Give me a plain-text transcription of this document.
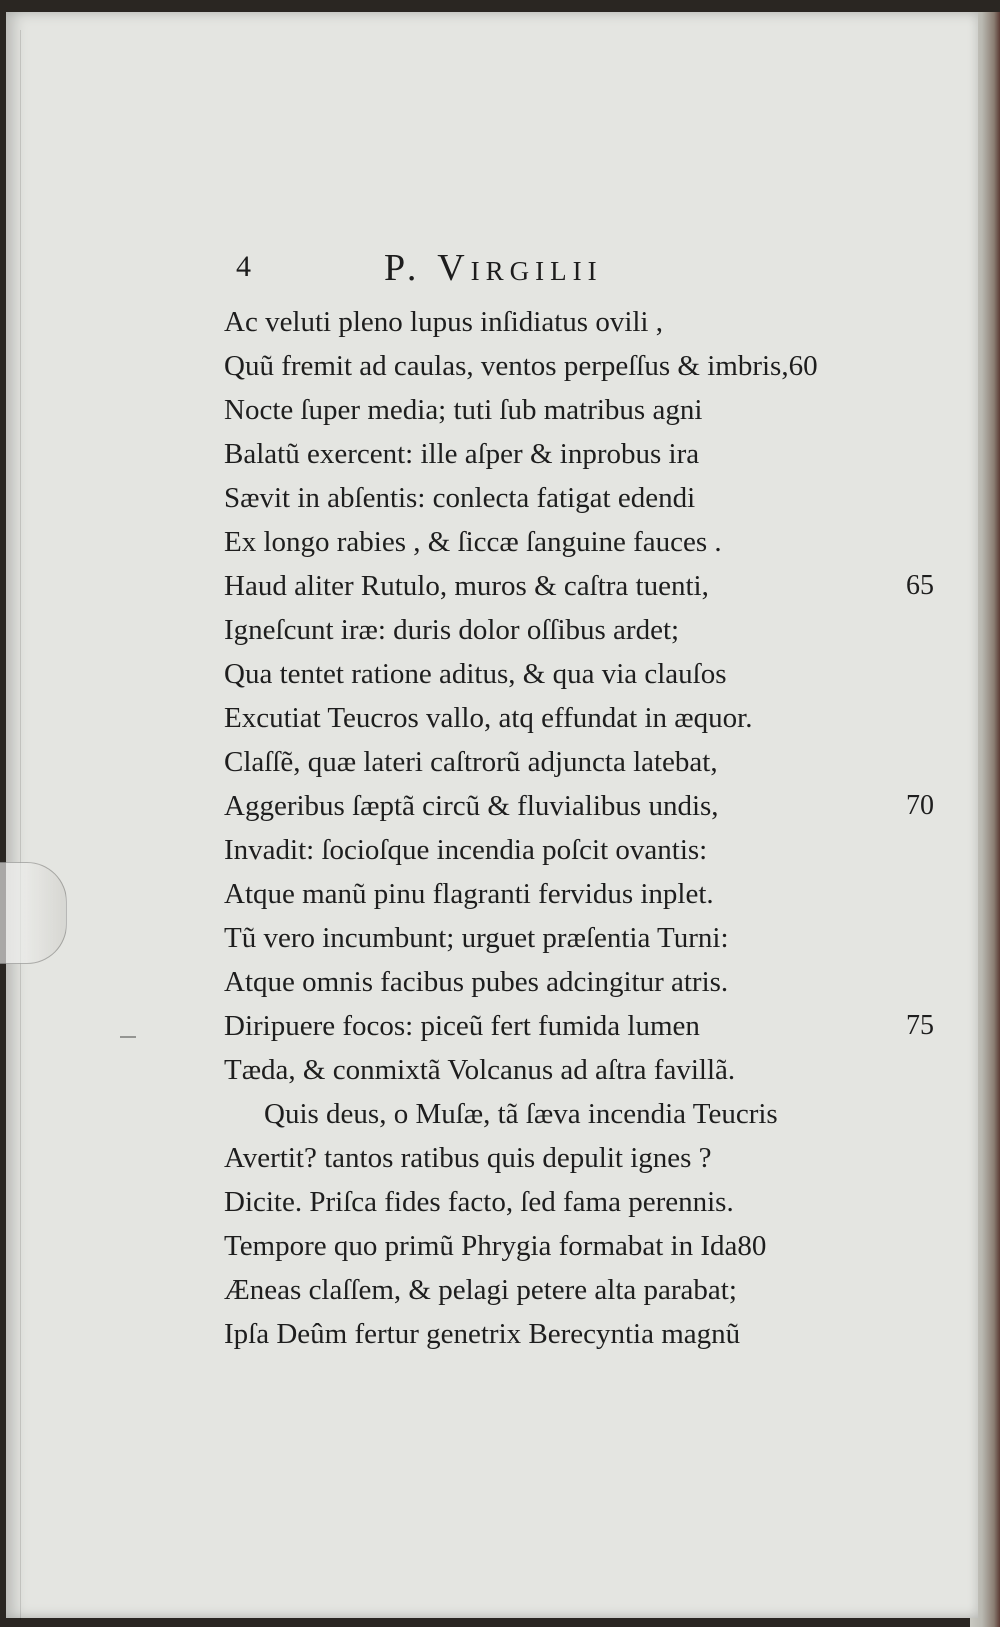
4	P. Virgilii
Ac veluti pleno lupus inſidiatus ovili ,
Quũ fremit ad caulas, ventos perpeſſus & imbris,60
Nocte ſuper media; tuti ſub matribus agni
Balatũ exercent: ille aſper & inprobus ira
Sævit in abſentis: conlecta fatigat edendi
Ex longo rabies , & ſiccæ ſanguine fauces .
Haud aliter Rutulo, muros & caſtra tuenti,	65
Igneſcunt iræ: duris dolor oſſibus ardet;
Qua tentet ratione aditus, & qua via clauſos
Excutiat Teucros vallo, atq effundat in æquor.
Claſſẽ, quæ lateri caſtrorũ adjuncta latebat,
Aggeribus ſæptã circũ & fluvialibus undis,	70
Invadit: ſocioſque incendia poſcit ovantis:
Atque manũ pinu flagranti fervidus inplet.
Tũ vero incumbunt; urguet præſentia Turni:
Atque omnis facibus pubes adcingitur atris.
Diripuere focos: piceũ fert fumida lumen	75
Tæda, & conmixtã Volcanus ad aſtra favillã.
Quis deus, o Muſæ, tã ſæva incendia Teucris
Avertit? tantos ratibus quis depulit ignes ?
Dicite. Priſca fides facto, ſed fama perennis.
Tempore quo primũ Phrygia formabat in Ida80
Æneas claſſem, & pelagi petere alta parabat;
Ipſa Deûm fertur genetrix Berecyntia magnũ
